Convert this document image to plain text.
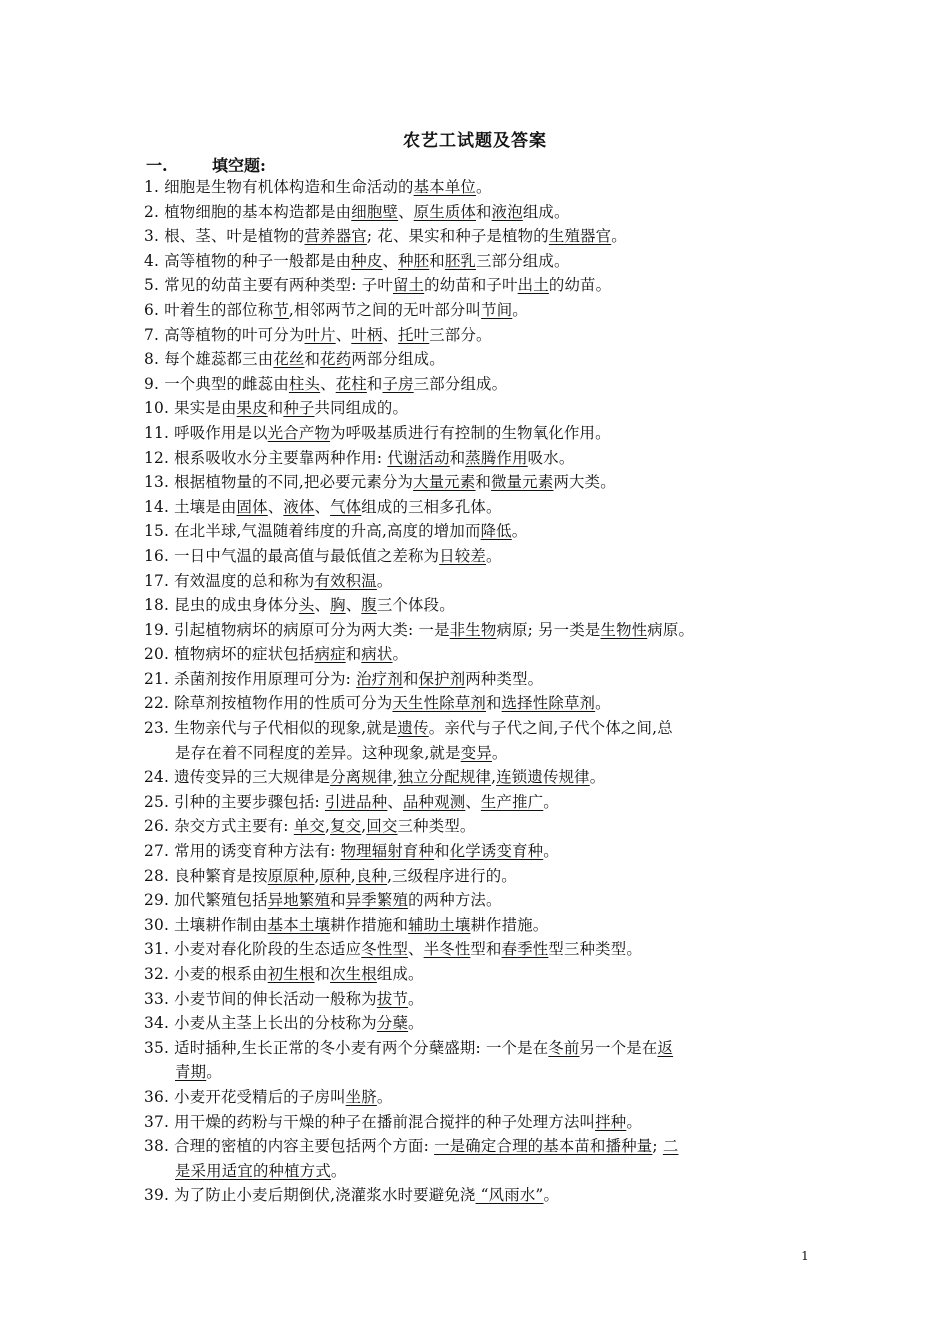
农艺工试题及答案
一.	填空题:
1. 细胞是生物有机体构造和生命活动的基本单位。
2. 植物细胞的基本构造都是由细胞壁、原生质体和液泡组成。
3. 根、茎、叶是植物的营养器官; 花、果实和种子是植物的生殖器官。
4. 高等植物的种子一般都是由种皮、种胚和胚乳三部分组成。
5. 常见的幼苗主要有两种类型: 子叶留土的幼苗和子叶出土的幼苗。
6. 叶着生的部位称节,相邻两节之间的无叶部分叫节间。
7. 高等植物的叶可分为叶片、叶柄、托叶三部分。
8. 每个雄蕊都三由花丝和花药两部分组成。
9. 一个典型的雌蕊由柱头、花柱和子房三部分组成。
10. 果实是由果皮和种子共同组成的。
11. 呼吸作用是以光合产物为呼吸基质进行有控制的生物氧化作用。
12. 根系吸收水分主要靠两种作用: 代谢活动和蒸腾作用吸水。
13. 根据植物量的不同,把必要元素分为大量元素和微量元素两大类。
14. 土壤是由固体、液体、气体组成的三相多孔体。
15. 在北半球,气温随着纬度的升高,高度的增加而降低。
16. 一日中气温的最高值与最低值之差称为日较差。
17. 有效温度的总和称为有效积温。
18. 昆虫的成虫身体分头、胸、腹三个体段。
19. 引起植物病坏的病原可分为两大类: 一是非生物病原; 另一类是生物性病原。
20. 植物病坏的症状包括病症和病状。
21. 杀菌剂按作用原理可分为: 治疗剂和保护剂两种类型。
22. 除草剂按植物作用的性质可分为天生性除草剂和选择性除草剂。
23. 生物亲代与子代相似的现象,就是遗传。亲代与子代之间,子代个体之间,总
是存在着不同程度的差异。这种现象,就是变异。
24. 遗传变异的三大规律是分离规律,独立分配规律,连锁遗传规律。
25. 引种的主要步骤包括: 引进品种、品种观测、生产推广。
26. 杂交方式主要有: 单交,复交,回交三种类型。
27. 常用的诱变育种方法有: 物理辐射育种和化学诱变育种。
28. 良种繁育是按原原种,原种,良种,三级程序进行的。
29. 加代繁殖包括异地繁殖和异季繁殖的两种方法。
30. 土壤耕作制由基本土壤耕作措施和辅助土壤耕作措施。
31. 小麦对春化阶段的生态适应冬性型、半冬性型和春季性型三种类型。
32. 小麦的根系由初生根和次生根组成。
33. 小麦节间的伸长活动一般称为拔节。
34. 小麦从主茎上长出的分枝称为分蘖。
35. 适时插种,生长正常的冬小麦有两个分蘖盛期: 一个是在冬前另一个是在返
青期。
36. 小麦开花受精后的子房叫坐脐。
37. 用干燥的药粉与干燥的种子在播前混合搅拌的种子处理方法叫拌种。
38. 合理的密植的内容主要包括两个方面: 一是确定合理的基本苗和播种量; 二
是采用适宜的种植方式。
39. 为了防止小麦后期倒伏,浇灌浆水时要避免浇 “风雨水”。
1
